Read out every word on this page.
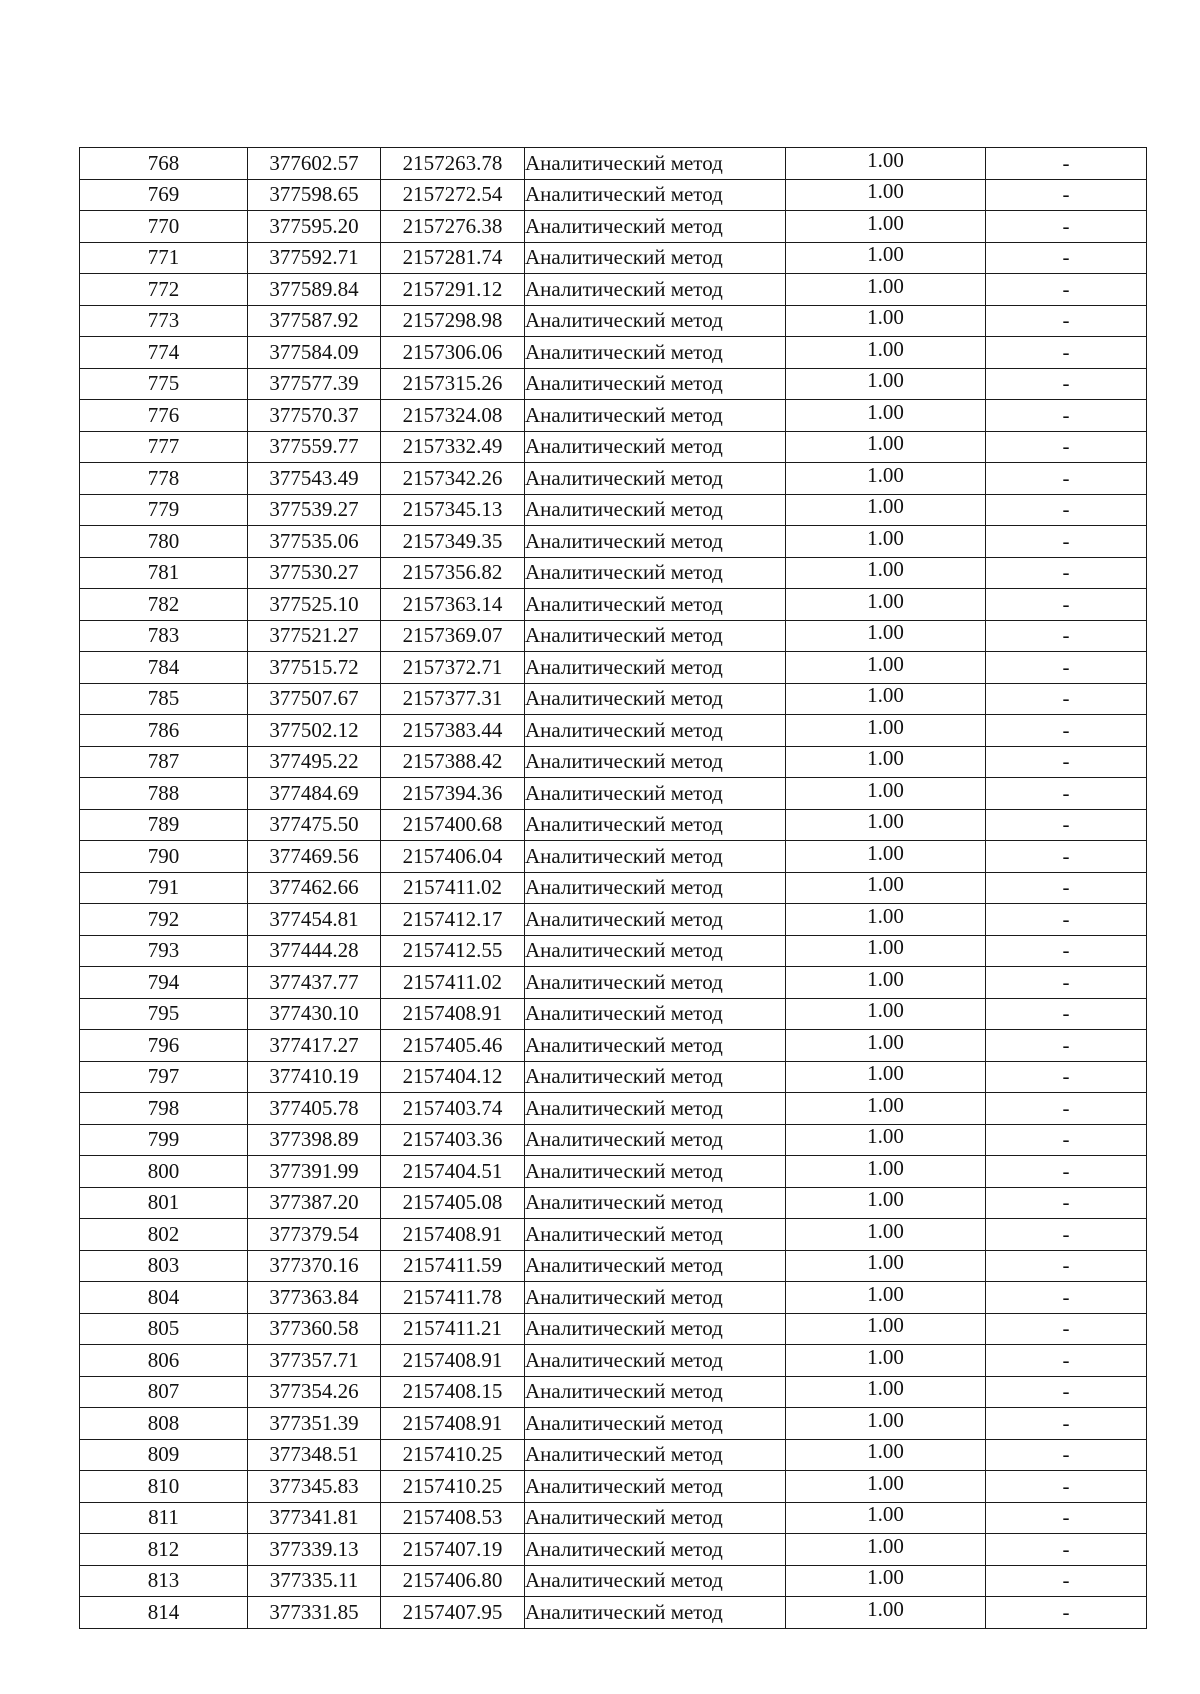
768	377602.57	2157263.78	Аналитический метод	1.00	-
769	377598.65	2157272.54	Аналитический метод	1.00	-
770	377595.20	2157276.38	Аналитический метод	1.00	-
771	377592.71	2157281.74	Аналитический метод	1.00	-
772	377589.84	2157291.12	Аналитический метод	1.00	-
773	377587.92	2157298.98	Аналитический метод	1.00	-
774	377584.09	2157306.06	Аналитический метод	1.00	-
775	377577.39	2157315.26	Аналитический метод	1.00	-
776	377570.37	2157324.08	Аналитический метод	1.00	-
777	377559.77	2157332.49	Аналитический метод	1.00	-
778	377543.49	2157342.26	Аналитический метод	1.00	-
779	377539.27	2157345.13	Аналитический метод	1.00	-
780	377535.06	2157349.35	Аналитический метод	1.00	-
781	377530.27	2157356.82	Аналитический метод	1.00	-
782	377525.10	2157363.14	Аналитический метод	1.00	-
783	377521.27	2157369.07	Аналитический метод	1.00	-
784	377515.72	2157372.71	Аналитический метод	1.00	-
785	377507.67	2157377.31	Аналитический метод	1.00	-
786	377502.12	2157383.44	Аналитический метод	1.00	-
787	377495.22	2157388.42	Аналитический метод	1.00	-
788	377484.69	2157394.36	Аналитический метод	1.00	-
789	377475.50	2157400.68	Аналитический метод	1.00	-
790	377469.56	2157406.04	Аналитический метод	1.00	-
791	377462.66	2157411.02	Аналитический метод	1.00	-
792	377454.81	2157412.17	Аналитический метод	1.00	-
793	377444.28	2157412.55	Аналитический метод	1.00	-
794	377437.77	2157411.02	Аналитический метод	1.00	-
795	377430.10	2157408.91	Аналитический метод	1.00	-
796	377417.27	2157405.46	Аналитический метод	1.00	-
797	377410.19	2157404.12	Аналитический метод	1.00	-
798	377405.78	2157403.74	Аналитический метод	1.00	-
799	377398.89	2157403.36	Аналитический метод	1.00	-
800	377391.99	2157404.51	Аналитический метод	1.00	-
801	377387.20	2157405.08	Аналитический метод	1.00	-
802	377379.54	2157408.91	Аналитический метод	1.00	-
803	377370.16	2157411.59	Аналитический метод	1.00	-
804	377363.84	2157411.78	Аналитический метод	1.00	-
805	377360.58	2157411.21	Аналитический метод	1.00	-
806	377357.71	2157408.91	Аналитический метод	1.00	-
807	377354.26	2157408.15	Аналитический метод	1.00	-
808	377351.39	2157408.91	Аналитический метод	1.00	-
809	377348.51	2157410.25	Аналитический метод	1.00	-
810	377345.83	2157410.25	Аналитический метод	1.00	-
811	377341.81	2157408.53	Аналитический метод	1.00	-
812	377339.13	2157407.19	Аналитический метод	1.00	-
813	377335.11	2157406.80	Аналитический метод	1.00	-
814	377331.85	2157407.95	Аналитический метод	1.00	-
